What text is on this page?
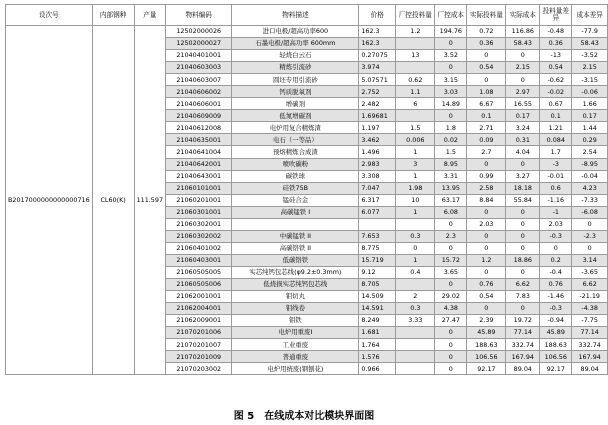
设次号	内部钢种	产量	物料编码	物料描述	价格	厂控投料量	厂控成本	实际投料量	实际成本	投料量差异	成本差异
B2017000000000000716	CL60(K)	111.597	12502000026	进口电极/超高功率600	162.3	1.2	194.76	0.72	116.86	-0.48	-77.9
			12502000027	石墨电极/超高功率 600mm	162.3		0	0.36	58.43	0.36	58.43
			21040401001	轻烧白云石	0.27075	13	3.52	0	0	-13	-3.52
			21040603003	精炼引流砂	3.974		0	0.54	2.15	0.54	2.15
			21040603007	圆坯专用引流砂	5.07571	0.62	3.15	0	0	-0.62	-3.15
			21040606002	钙质脱氧剂	2.752	1.1	3.03	1.08	2.97	-0.02	-0.06
			21040606001	增碳剂	2.482	6	14.89	6.67	16.55	0.67	1.66
			21040609009	低氮增碳剂	1.69681		0	0.1	0.17	0.1	0.17
			21040612008	电炉用复合精炼渣	1.197	1.5	1.8	2.71	3.24	1.21	1.44
			21040635001	电石（一等品）	3.462	0.006	0.02	0.09	0.31	0.084	0.29
			21040641004	预熔精炼合成渣	1.496	1	1.5	2.7	4.04	1.7	2.54
			21040642001	喷吹碳粉	2.983	3	8.95	0	0	-3	-8.95
			21040643001	碳铁球	3.308	1	3.31	0.99	3.27	-0.01	-0.04
			21060101001	硅铁75B	7.047	1.98	13.95	2.58	18.18	0.6	4.23
			21060201001	锰硅合金	6.317	10	63.17	8.84	55.84	-1.16	-7.33
			21060301001	高碳锰铁 I	6.077	1	6.08	0	0	-1	-6.08
			21060302001				0	2.03	0	2.03	0
			21060302002	中碳锰铁 II	7.653	0.3	2.3	0	0	-0.3	-2.3
			21060401002	高碳铬铁 II	8.775	0	0	0	0	0	0
			21060403001	低碳铬铁	15.719	1	15.72	1.2	18.86	0.2	3.14
			21060505005	实芯纯钙包芯线(φ9.2±0.3mm)	9.12	0.4	3.65	0	0	-0.4	-3.65
			21060505006	低烧损实芯纯钙包芯线	8.705		0	0.76	6.62	0.76	6.62
			21062001001	钼切丸	14.509	2	29.02	0.54	7.83	-1.46	-21.19
			21062004001	钼线卷	14.591	0.3	4.38	0	0	-0.3	-4.38
			21062009001	钼铁	8.249	3.33	27.47	2.39	19.72	-0.94	-7.75
			21070201006	电炉用重废I	1.681		0	45.89	77.14	45.89	77.14
			21070201007	工业重废	1.764		0	188.63	332.74	188.63	332.74
			21070201009	普通重废	1.576		0	106.56	167.94	106.56	167.94
			21070203002	电炉用统废(钢刨花)	0.966		0	92.17	89.04	92.17	89.04
图 5　在线成本对比模块界面图
